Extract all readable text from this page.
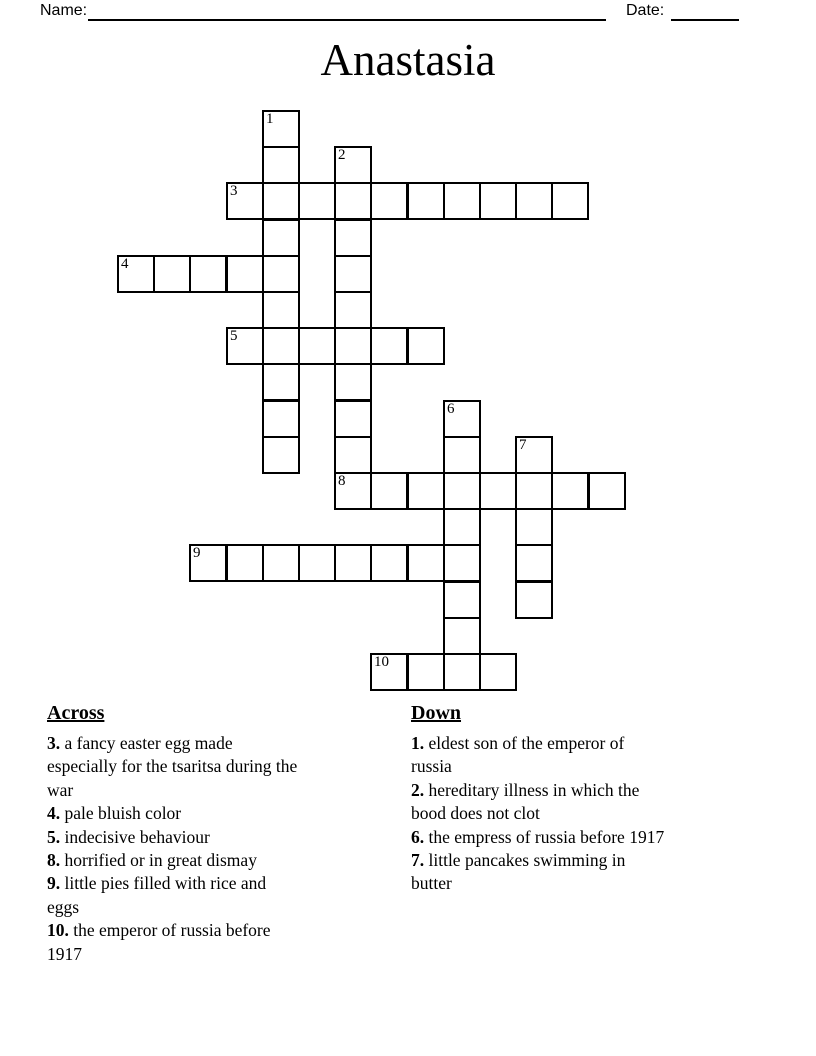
Name:	Date:
Anastasia
1
2
3
4
5
6
7
8
9
10
Across
3. a fancy easter egg made
especially for the tsaritsa during the
war
4. pale bluish color
5. indecisive behaviour
8. horrified or in great dismay
9. little pies filled with rice and
eggs
10. the emperor of russia before
1917
Down
1. eldest son of the emperor of
russia
2. hereditary illness in which the
bood does not clot
6. the empress of russia before 1917
7. little pancakes swimming in
butter
